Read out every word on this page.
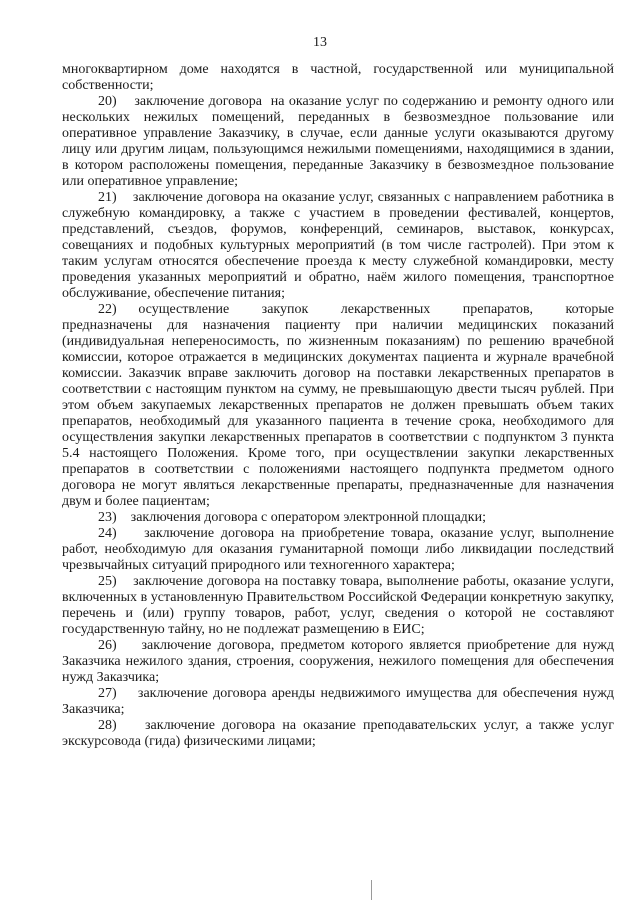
13

многоквартирном доме находятся в частной, государственной или муниципальной собственности;

20)    заключение договора  на оказание услуг по содержанию и ремонту одного или нескольких нежилых помещений, переданных в безвозмездное пользование или оперативное управление Заказчику, в случае, если данные услуги оказываются другому лицу или другим лицам, пользующимся нежилыми помещениями, находящимися в здании, в котором расположены помещения, переданные Заказчику в безвозмездное пользование или оперативное управление;

21)    заключение договора на оказание услуг, связанных с направлением работника в служебную командировку, а также с участием в проведении фестивалей, концертов, представлений, съездов, форумов, конференций, семинаров, выставок, конкурсах, совещаниях и подобных культурных мероприятий (в том числе гастролей). При этом к таким услугам относятся обеспечение проезда к месту служебной командировки, месту проведения указанных мероприятий и обратно, наём жилого помещения, транспортное обслуживание, обеспечение питания;

22)    осуществление      закупок      лекарственных      препаратов,      которые предназначены для назначения пациенту при наличии медицинских показаний (индивидуальная непереносимость, по жизненным показаниям) по решению врачебной комиссии, которое отражается в медицинских документах пациента и журнале врачебной комиссии. Заказчик вправе заключить договор на поставки лекарственных препаратов в соответствии с настоящим пунктом на сумму, не превышающую двести тысяч рублей. При этом объем закупаемых лекарственных препаратов не должен превышать объем таких препаратов, необходимый для указанного пациента в течение срока, необходимого для осуществления закупки лекарственных препаратов в соответствии с подпунктом 3 пункта 5.4 настоящего Положения. Кроме того, при осуществлении закупки лекарственных препаратов в соответствии с положениями настоящего подпункта предметом одного договора не могут являться лекарственные препараты, предназначенные для назначения двум и более пациентам;

23)    заключения договора с оператором электронной площадки;

24)    заключение договора на приобретение товара, оказание услуг, выполнение работ, необходимую для оказания гуманитарной помощи либо ликвидации последствий чрезвычайных ситуаций природного или техногенного характера;

25)    заключение договора на поставку товара, выполнение работы, оказание услуги, включенных в установленную Правительством Российской Федерации конкретную закупку, перечень и (или) группу товаров, работ, услуг, сведения о которой не составляют государственную тайну, но не подлежат размещению в ЕИС;

26)    заключение договора, предметом которого является приобретение для нужд Заказчика нежилого здания, строения, сооружения, нежилого помещения для обеспечения нужд Заказчика;

27)    заключение договора аренды недвижимого имущества для обеспечения нужд Заказчика;

28)    заключение договора на оказание преподавательских услуг, а также услуг экскурсовода (гида) физическими лицами;
